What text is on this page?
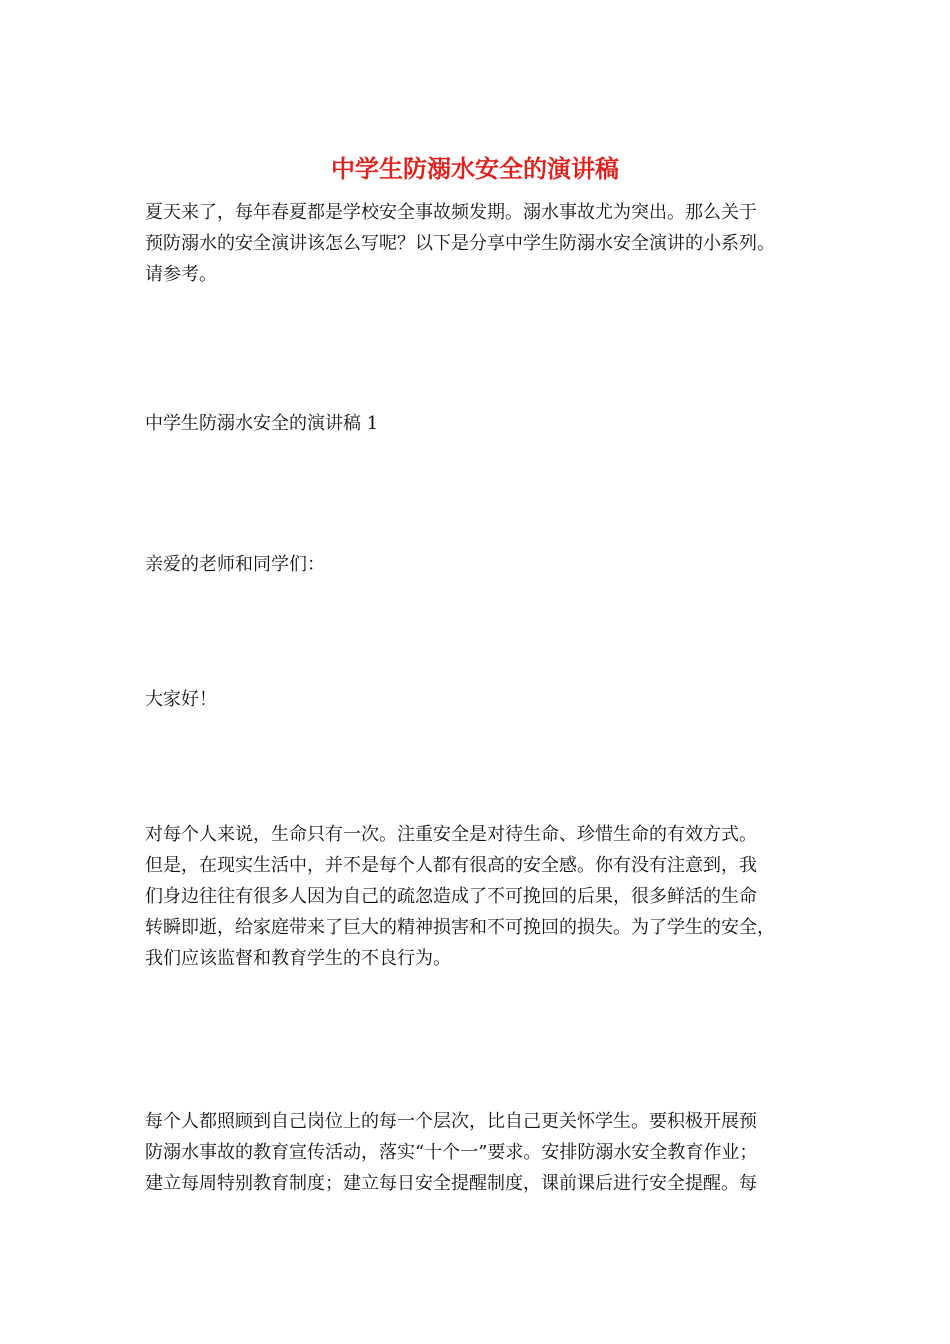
中学生防溺水安全的演讲稿

夏天来了，每年春夏都是学校安全事故频发期。溺水事故尤为突出。那么关于
预防溺水的安全演讲该怎么写呢？以下是分享中学生防溺水安全演讲的小系列。
请参考。

中学生防溺水安全的演讲稿 1

亲爱的老师和同学们：

大家好！

对每个人来说，生命只有一次。注重安全是对待生命、珍惜生命的有效方式。
但是，在现实生活中，并不是每个人都有很高的安全感。你有没有注意到，我
们身边往往有很多人因为自己的疏忽造成了不可挽回的后果，很多鲜活的生命
转瞬即逝，给家庭带来了巨大的精神损害和不可挽回的损失。为了学生的安全，
我们应该监督和教育学生的不良行为。

每个人都照顾到自己岗位上的每一个层次，比自己更关怀学生。要积极开展预
防溺水事故的教育宣传活动，落实“十个一”要求。安排防溺水安全教育作业；
建立每周特别教育制度；建立每日安全提醒制度，课前课后进行安全提醒。每
